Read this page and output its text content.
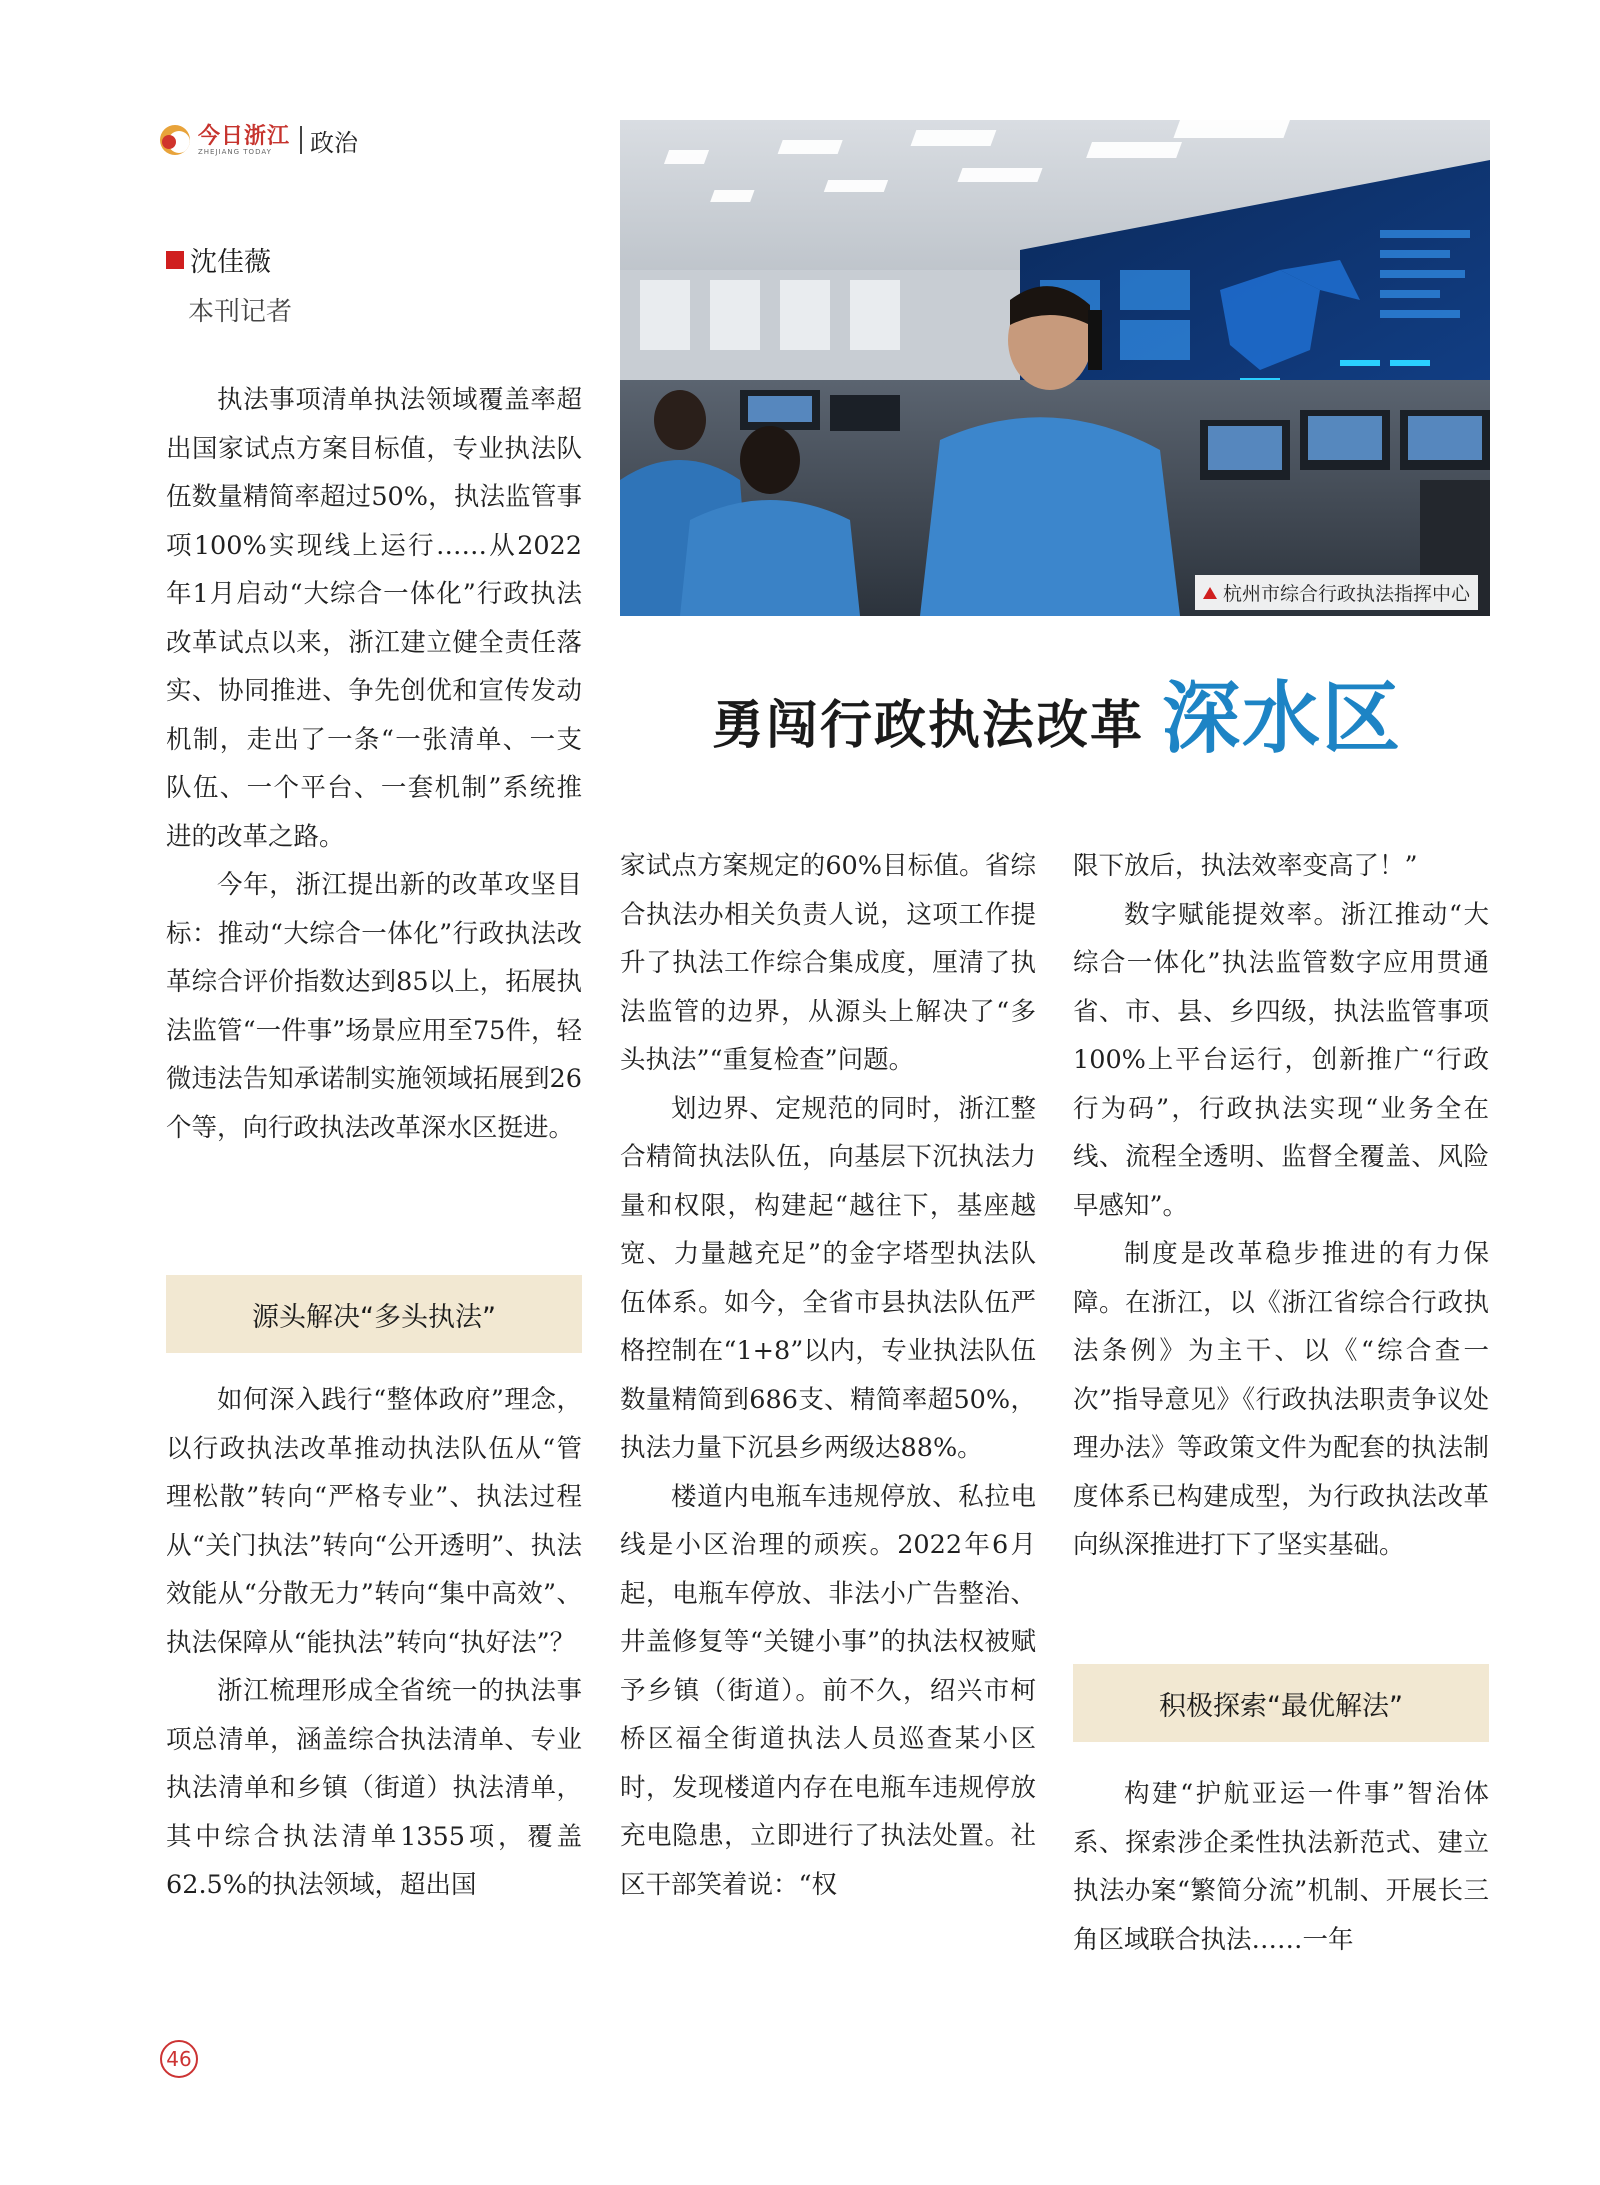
今日浙江
ZHEJIANG TODAY	政治
沈佳薇
本刊记者
杭州市综合行政执法指挥中心
勇闯行政执法改革 深水区

执法事项清单执法领域覆盖率超出国家试点方案目标值，专业执法队伍数量精简率超过50%，执法监管事项100%实现线上运行……从2022年1月启动“大综合一体化”行政执法改革试点以来，浙江建立健全责任落实、协同推进、争先创优和宣传发动机制，走出了一条“一张清单、一支队伍、一个平台、一套机制”系统推进的改革之路。

今年，浙江提出新的改革攻坚目标：推动“大综合一体化”行政执法改革综合评价指数达到85以上，拓展执法监管“一件事”场景应用至75件，轻微违法告知承诺制实施领域拓展到26个等，向行政执法改革深水区挺进。

源头解决“多头执法”

如何深入践行“整体政府”理念，以行政执法改革推动执法队伍从“管理松散”转向“严格专业”、执法过程从“关门执法”转向“公开透明”、执法效能从“分散无力”转向“集中高效”、执法保障从“能执法”转向“执好法”？

浙江梳理形成全省统一的执法事项总清单，涵盖综合执法清单、专业执法清单和乡镇（街道）执法清单，其中综合执法清单1355项，覆盖62.5%的执法领域，超出国

家试点方案规定的60%目标值。省综合执法办相关负责人说，这项工作提升了执法工作综合集成度，厘清了执法监管的边界，从源头上解决了“多头执法”“重复检查”问题。

划边界、定规范的同时，浙江整合精简执法队伍，向基层下沉执法力量和权限，构建起“越往下，基座越宽、力量越充足”的金字塔型执法队伍体系。如今，全省市县执法队伍严格控制在“1+8”以内，专业执法队伍数量精简到686支、精简率超50%，执法力量下沉县乡两级达88%。

楼道内电瓶车违规停放、私拉电线是小区治理的顽疾。2022年6月起，电瓶车停放、非法小广告整治、井盖修复等“关键小事”的执法权被赋予乡镇（街道）。前不久，绍兴市柯桥区福全街道执法人员巡查某小区时，发现楼道内存在电瓶车违规停放充电隐患，立即进行了执法处置。社区干部笑着说：“权

限下放后，执法效率变高了！”

数字赋能提效率。浙江推动“大综合一体化”执法监管数字应用贯通省、市、县、乡四级，执法监管事项100%上平台运行，创新推广“行政行为码”，行政执法实现“业务全在线、流程全透明、监督全覆盖、风险早感知”。

制度是改革稳步推进的有力保障。在浙江，以《浙江省综合行政执法条例》为主干、以《“综合查一次”指导意见》《行政执法职责争议处理办法》等政策文件为配套的执法制度体系已构建成型，为行政执法改革向纵深推进打下了坚实基础。

积极探索“最优解法”

构建“护航亚运一件事”智治体系、探索涉企柔性执法新范式、建立执法办案“繁简分流”机制、开展长三角区域联合执法……一年

46
